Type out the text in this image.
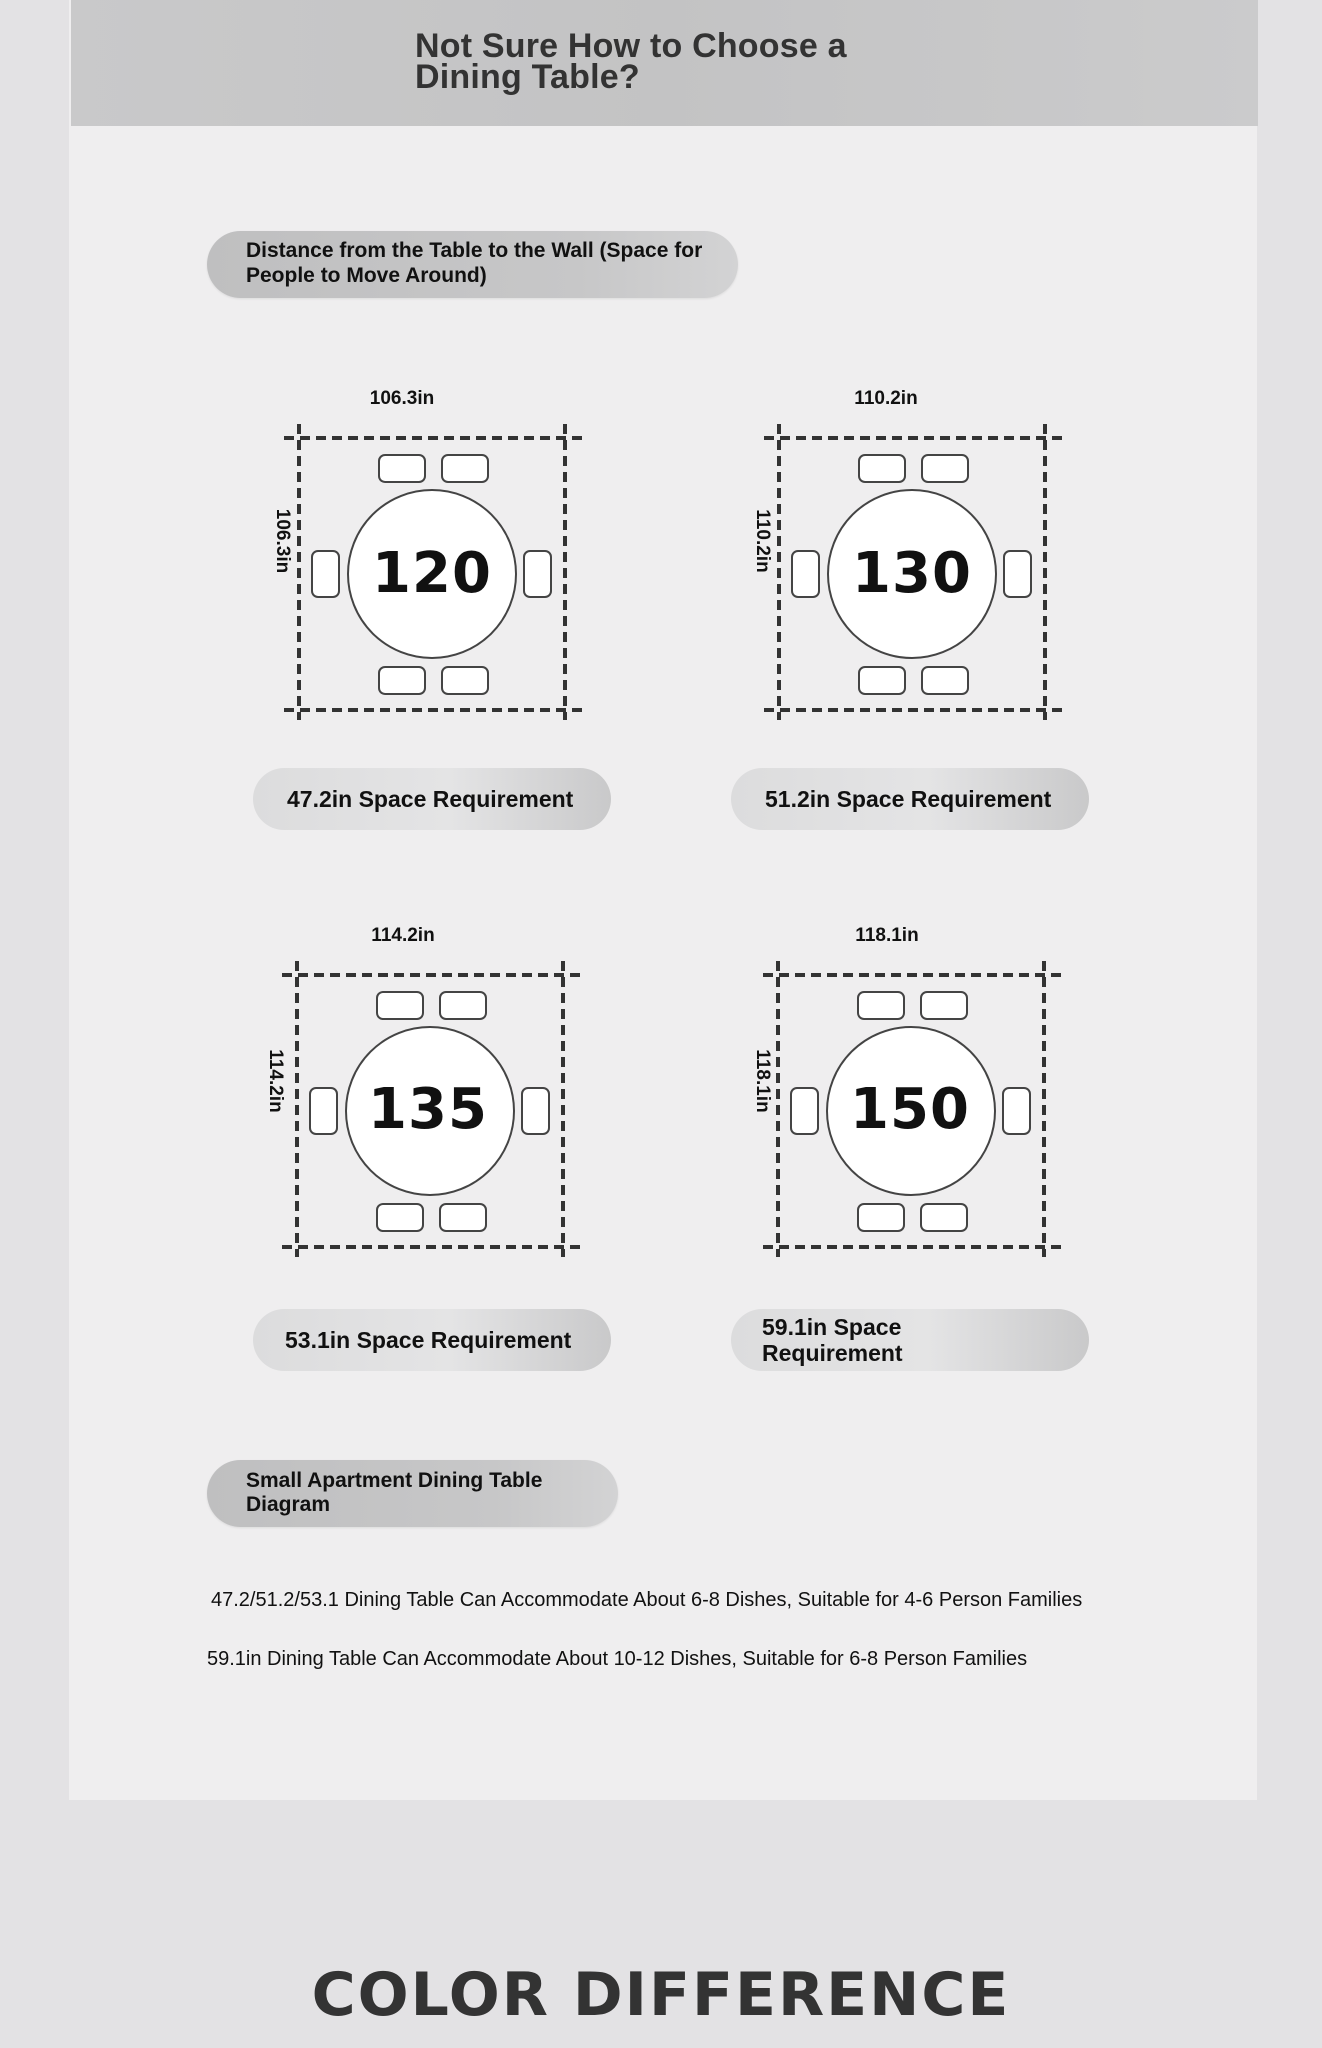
Not Sure How to Choose a Dining Table?
Distance from the Table to the Wall (Space for People to Move Around)
106.3in
106.3in	120
47.2in Space Requirement
110.2in
110.2in
130
51.2in Space Requirement
114.2in
114.2in	135
53.1in Space Requirement
118.1in
118.1in	150
59.1in Space Requirement
Small Apartment Dining Table Diagram
47.2/51.2/53.1 Dining Table Can Accommodate About 6-8 Dishes, Suitable for 4-6 Person Families
59.1in Dining Table Can Accommodate About 10-12 Dishes, Suitable for 6-8 Person Families
COLOR DIFFERENCE
